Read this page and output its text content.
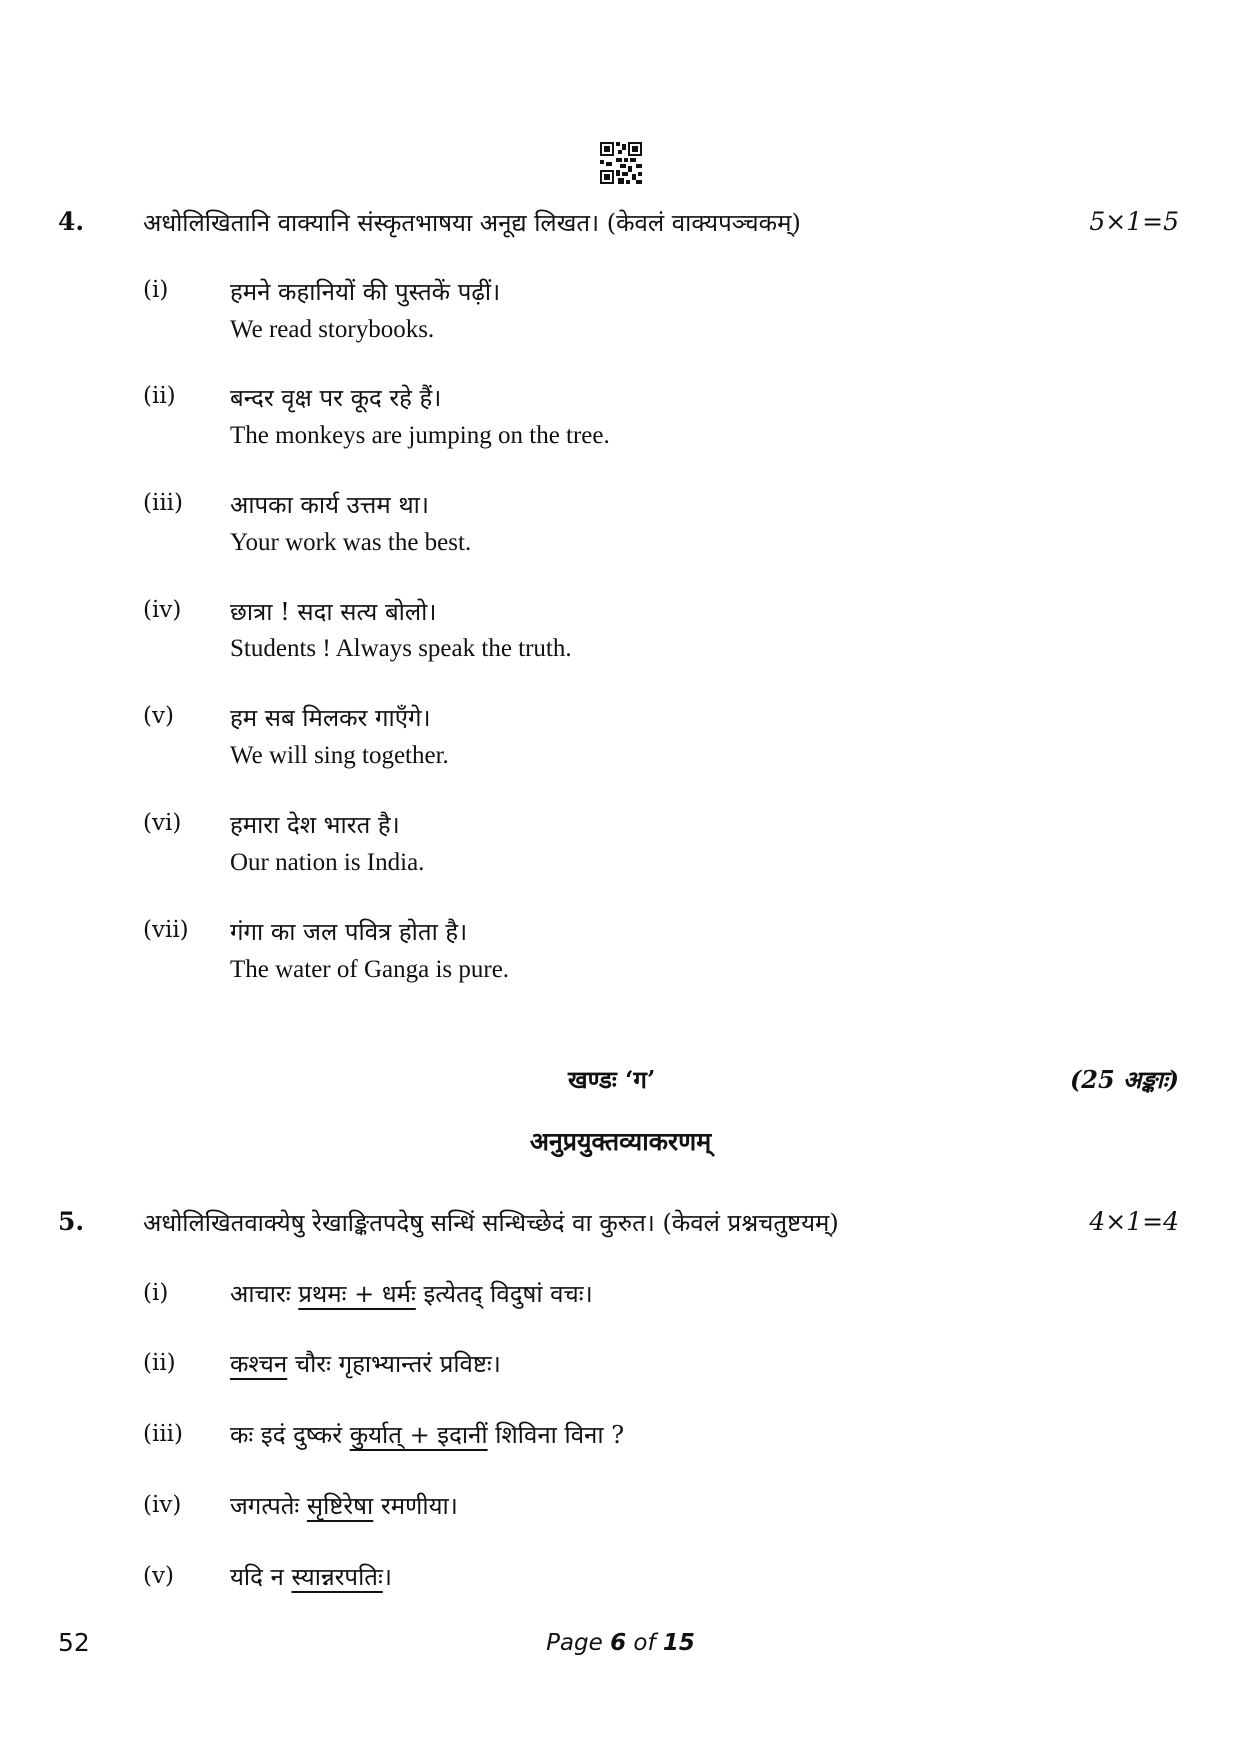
4. अधोलिखितानि वाक्यानि संस्कृतभाषया अनूद्य लिखत। (केवलं वाक्यपञ्चकम्)	5×1=5
(i)	हमने कहानियों की पुस्तकें पढ़ीं।
We read storybooks.
(ii) बन्दर वृक्ष पर कूद रहे हैं।
The monkeys are jumping on the tree.
(iii) आपका कार्य उत्तम था।
Your work was the best.
(iv) छात्रा ! सदा सत्य बोलो।
Students ! Always speak the truth.
(v) हम सब मिलकर गाएँगे।
We will sing together.
(vi) हमारा देश भारत है।
Our nation is India.
(vii) गंगा का जल पवित्र होता है।
The water of Ganga is pure.
खण्डः ‘ग’	(25 अङ्काः)
अनुप्रयुक्तव्याकरणम्
5. अधोलिखितवाक्येषु रेखाङ्कितपदेषु सन्धिं सन्धिच्छेदं वा कुरुत। (केवलं प्रश्नचतुष्टयम्)	4×1=4
(i)	आचारः प्रथमः + धर्मः इत्येतद् विदुषां वचः।
(ii) कश्चन चौरः गृहाभ्यान्तरं प्रविष्टः।
(iii) कः इदं दुष्करं कुर्यात् + इदानीं शिविना विना ?
(iv) जगत्पतेः सृष्टिरेषा रमणीया।
(v) यदि न स्यान्नरपतिः।
52	Page 6 of 15
